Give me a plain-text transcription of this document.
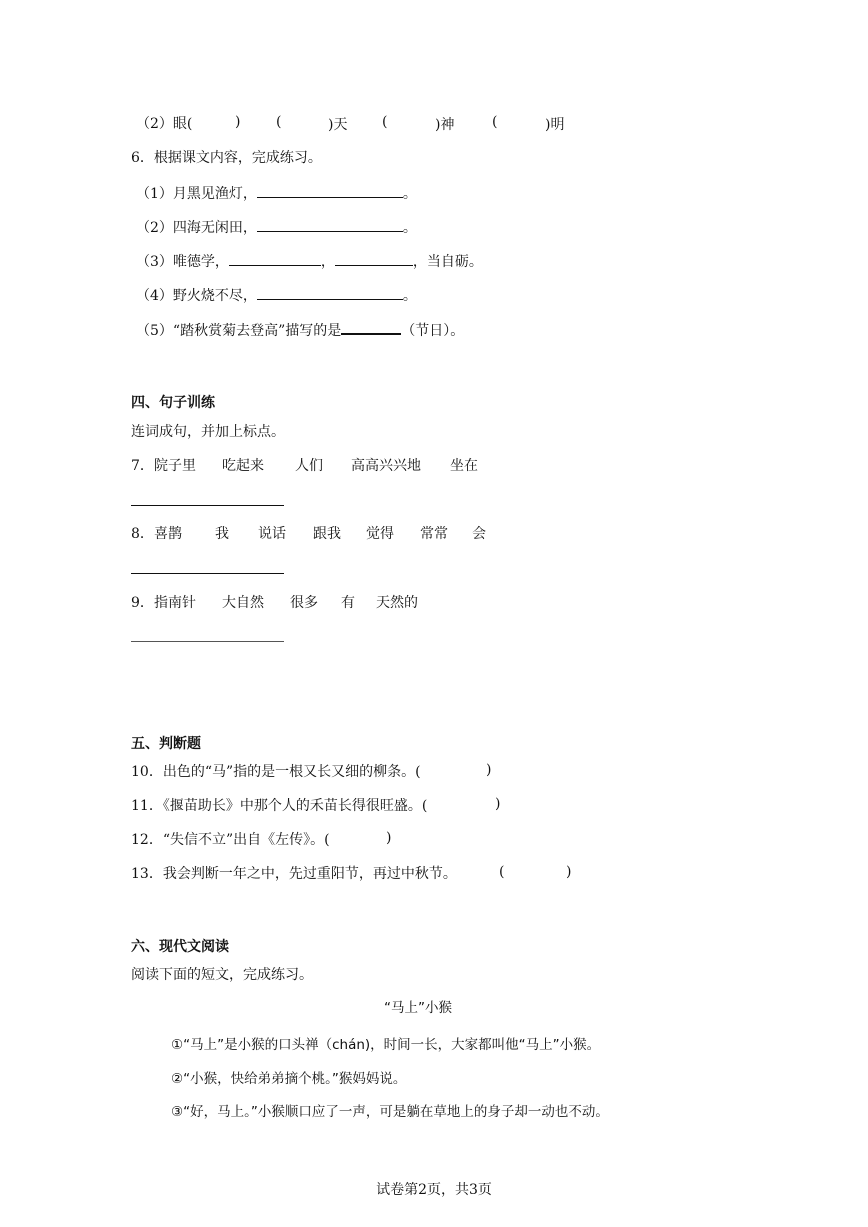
（2）眼(	)	(	)天 (	)神	(	)明
6．根据课文内容，完成练习。
（1）月黑见渔灯，	。
（2）四海无闲田，	。
（3）唯德学，	，	，当自砺。
（4）野火烧不尽，	。
（5）“踏秋赏菊去登高”描写的是	（节日）。
四、句子训练
连词成句，并加上标点。
7． 院子里 吃起来 人们 高高兴兴地 坐在
8． 喜鹊 我 说话 跟我 觉得 常常 会
9． 指南针 大自然 很多 有 天然的
五、判断题
10．出色的“马”指的是一根又长又细的柳条。(	)
11．《揠苗助长》中那个人的禾苗长得很旺盛。(	)
12．“失信不立”出自《左传》。(	)
13．我会判断一年之中，先过重阳节，再过中秋节。	(	)
六、现代文阅读
阅读下面的短文，完成练习。
“马上”小猴
①“马上”是小猴的口头禅（chán)，时间一长，大家都叫他“马上”小猴。
②“小猴，快给弟弟摘个桃。”猴妈妈说。
③“好，马上。”小猴顺口应了一声，可是躺在草地上的身子却一动也不动。
试卷第2页，共3页
